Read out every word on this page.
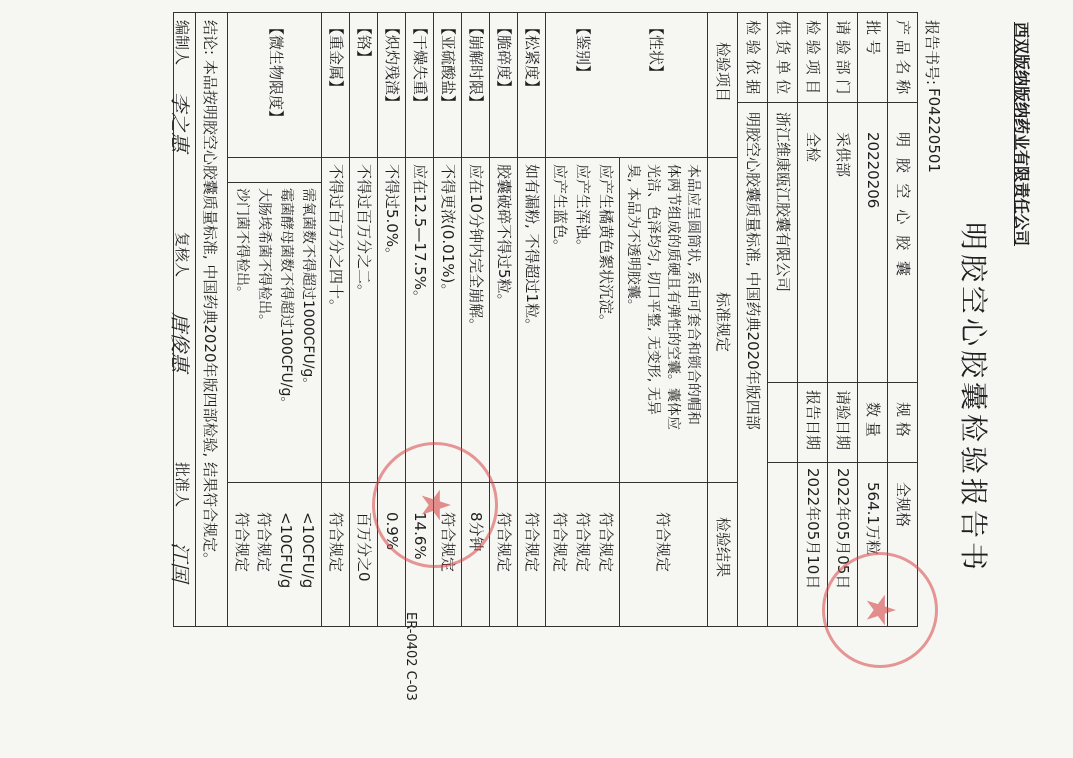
西双版纳版纳药业有限责任公司
ER-0402 C-03
明胶空心胶囊检验报告书
报告书号:
F04220501
产 品 名 称
明 胶 空 心 胶 囊
规 格
全规格
批 号
20220206
数 量
564.1万粒
请 验 部 门
采供部
请验日期
2022年05月05日
检 验 项 目
全检
报告日期
2022年05月10日
供 货 单 位
浙江维康瓯江胶囊有限公司
检 验 依 据
明胶空心胶囊质量标准, 中国药典2020年版四部
检验项目
标准规定
检验结果
【性状】
本品应呈圆筒状, 系由可套合和锁合的帽和
体两节组成的质硬且有弹性的空囊。囊体应
光洁、色泽均匀, 切口平整, 无变形, 无异
臭, 本品为不透明胶囊。
符合规定
【鉴别】
应产生橘黄色絮状沉淀。
应产生浑浊。
应产生蓝色。
符合规定
符合规定
符合规定
【松紧度】
如有漏粉, 不得超过1粒。
符合规定
【脆碎度】
胶囊破碎不得过5粒。
符合规定
【崩解时限】
应在10分钟内完全崩解。
8分钟
【亚硫酸盐】
不得更浓(0.01%)。
符合规定
【干燥失重】
应在12.5—17.5%。
14.6%
【炽灼残渣】
不得过5.0%。
0.9%
【铬】
不得过百万分之二。
百万分之0
【重金属】
不得过百万分之四十。
符合规定
【微生物限度】
需氧菌数不得超过1000CFU/g。
霉菌酵母菌数不得超过100CFU/g。
大肠埃希菌不得检出。
沙门菌不得检出。
<10CFU/g
<10CFU/g
符合规定
符合规定
结论: 本品按明胶空心胶囊质量标准, 中国药典2020年版四部检验, 结果符合规定。
编制人
李之惠
复核人
唐俊惠
批准人
江国
★
★
